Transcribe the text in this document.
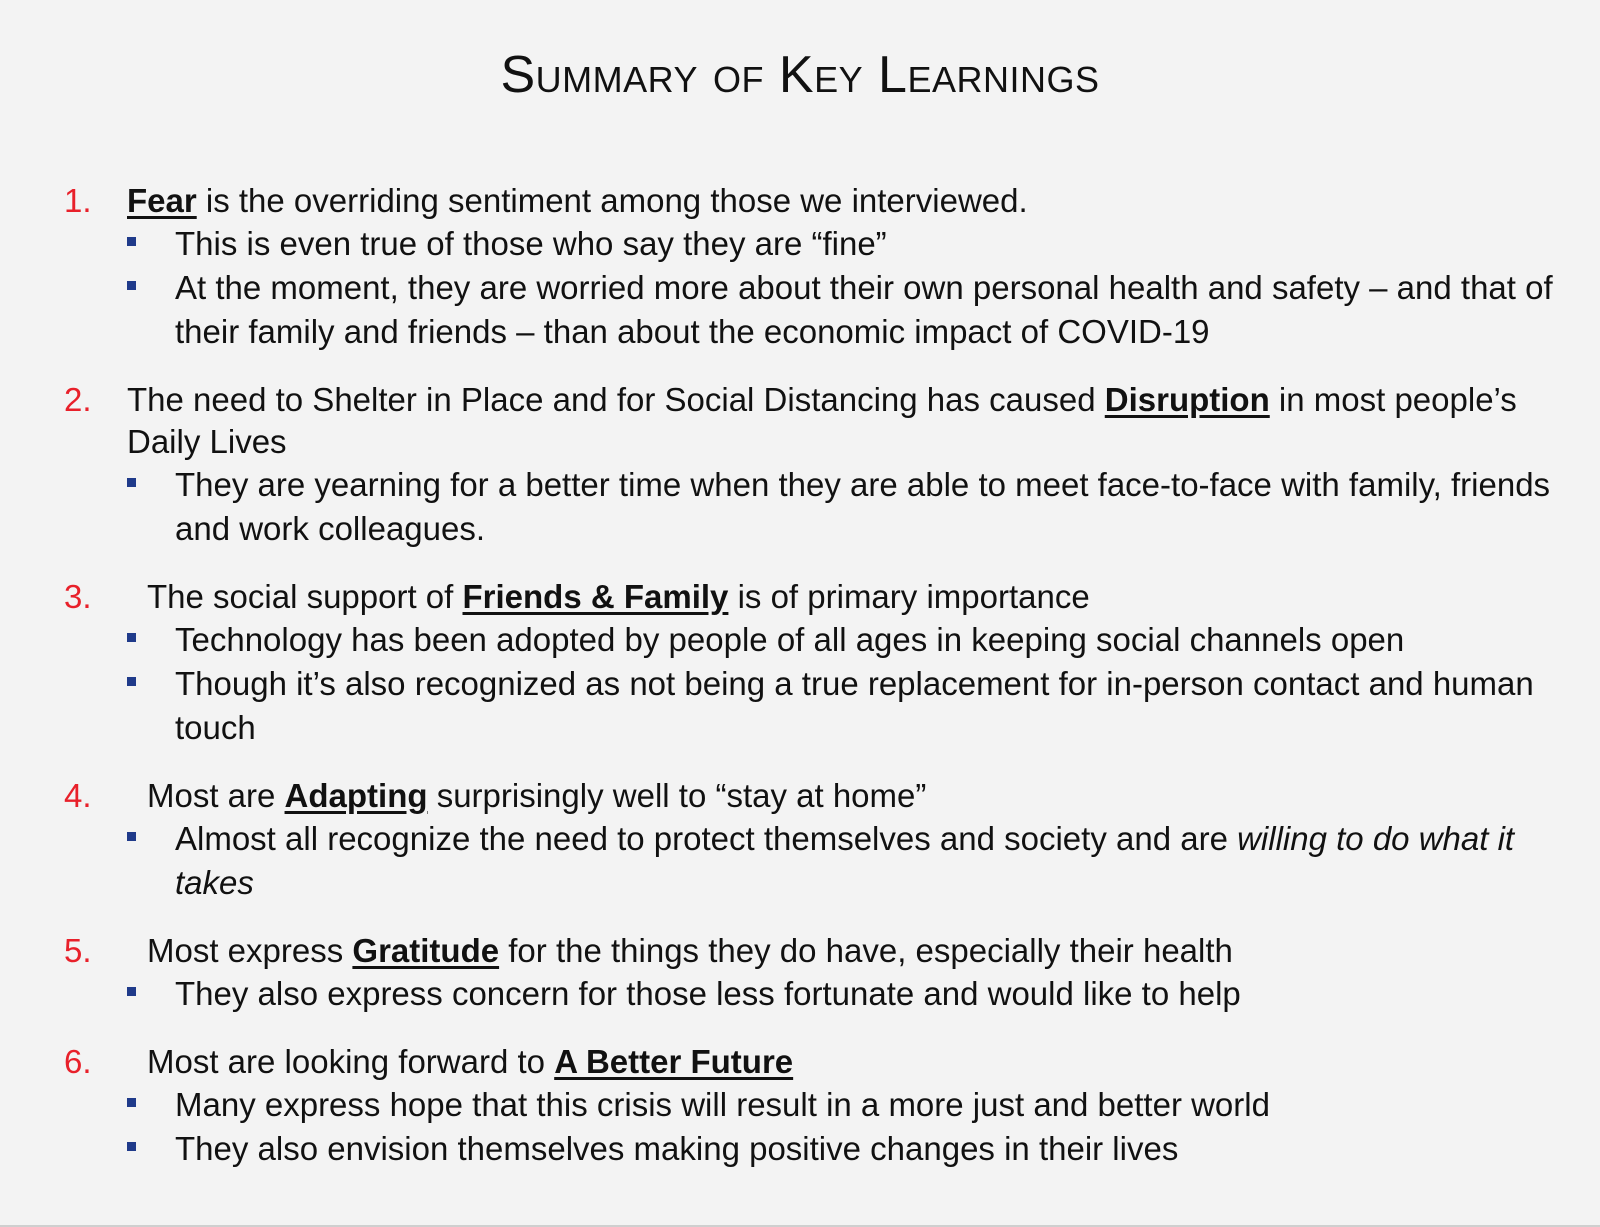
Summary of Key Learnings
1. Fear is the overriding sentiment among those we interviewed.
This is even true of those who say they are “fine”
At the moment, they are worried more about their own personal health and safety – and that of their family and friends – than about the economic impact of COVID-19
2. The need to Shelter in Place and for Social Distancing has caused Disruption in most people’s Daily Lives
They are yearning for a better time when they are able to meet face-to-face with family, friends and work colleagues.
3. The social support of Friends & Family is of primary importance
Technology has been adopted by people of all ages in keeping social channels open
Though it’s also recognized as not being a true replacement for in-person contact and human touch
4. Most are Adapting surprisingly well to “stay at home”
Almost all recognize the need to protect themselves and society and are willing to do what it takes
5. Most express Gratitude for the things they do have, especially their health
They also express concern for those less fortunate and would like to help
6. Most are looking forward to A Better Future
Many express hope that this crisis will result in a more just and better world
They also envision themselves making positive changes in their lives
